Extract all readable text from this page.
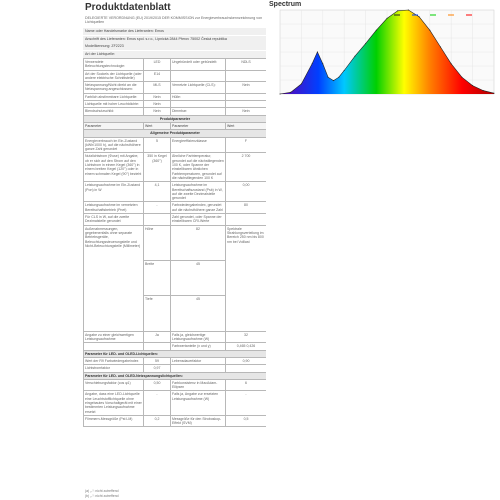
Produktdatenblatt
DELEGIERTE VERORDNUNG (EU) 2019/2015 DER KOMMISSION zur Energieverbrauchskennzeichnung von Lichtquellen
Name oder Handelsmarke des Lieferanten: Emos
Anschrift des Lieferanten: Emos spol. s.r.o., Lipnická 2844 Přerov 75002 Česká republika
Modellkennung: ZF2223
Art der Lichtquelle:
Verwendete Beleuchtungstechnologie:	LED	Ungebündelt oder gebündelt:	NDLS	
Art der Sockels der Lichtquelle (oder andere elektrische Schnittstelle)	E14			
Netzspannung/Nicht direkt an die Netzspannung angeschlossen:	MLS	Vernetzte Lichtquelle (CLS):	Nein	
Farblich abstimmbare Lichtquelle:	Nein	Hülle:		
Lichtquelle mit hoher Leuchtdichte:	Nein			
Blendschutzschild:	Nein	Dimmbar:	Nein	
Produktparameter				
Parameter	Wert	Parameter	Wert	
Allgemeine Produktparameter				
Energieverbrauch im Ein-Zustand (kWh/1000 h), auf die nächsthöhere ganze Zahl gerundet	5	Energieeffizienzklasse	F	
Nutzlichtstrom (Φuse) mit Angabe, ob er sich auf den Strom auf den Lichtstrom in einem Kegel (360°) in einem breiten Kegel (120°) oder in einem schmalen Kegel (90°) bezieht	350 in Kegel (360°)	Ähnliche Farbtemperatur, gerundet auf die nächstliegenden 100 K, oder Spanne der einstellbaren ähnlichen Farbtemperaturen, gerundet auf die nächstliegenden 100 K	2 700	
Leistungsaufnahme im Ein-Zustand (Pon) in W	4,1	Leistungsaufnahme im Bereitschaftszustand (Psb) in W, auf die zweite Dezimalstelle gerundet	0,00	
Leistungsaufnahme im vernetzten Bereitschaftsbetrieb (Pnet)	-	Farbwiedergabeindex, gerundet auf die nächsthöhere ganze Zahl	80	
Für CLS in W, auf die zweite Dezimalstelle gerundet		Zahl gerundet, oder Spanne der einstellbaren CRI-Werte		
Außenabmessungen, gegebenenfalls ohne separate Betriebsgeräte, Beleuchtungssteuerungsteile und Nicht-Beleuchtungsteile (Millimeter)	Höhe	82	Spektrale Strahlungsverteilung im Bereich 250 nm bis 800 nm bei Volllast	
	Breite	45		
	Tiefe	45		
Angabe zu einer gleichwertigen Leistungsaufnahme	Ja	Falls ja, gleichwertige Leistungsaufnahme (W)	32	
		Farbwertanteile (x und y)	0,465 0,426	
Parameter für LED- und OLED-Lichtquellen:				
Wert der R9 Farbwiedergabeindex	59	Lebensdauerfaktor	0,90	
Lichtstromfaktor	0,97			
Parameter für LED- und OLED-Netzspannungslichtquellen:				
Verschiebungsfaktor (cos φ1)	0,50	Farbkonsistenz in MacAdam-Ellipsen	6	
Angabe, dass eine LED-Lichtquelle eine Leuchtstofflichtquelle ohne eingebautes Vorschaltgerät mit einer bestimmten Leistungsaufnahme ersetzt	-	Falls ja, Angabe zur ersetzten Leistungsaufnahme (W)	-	
Flimmern-Messgröße (Pst LM)	0,2	Messgröße für den Stroboskop-Effekt (SVM)	0,5	
(a) „-“: nicht zutreffend
(b) „-“: nicht zutreffend
Spectrum
